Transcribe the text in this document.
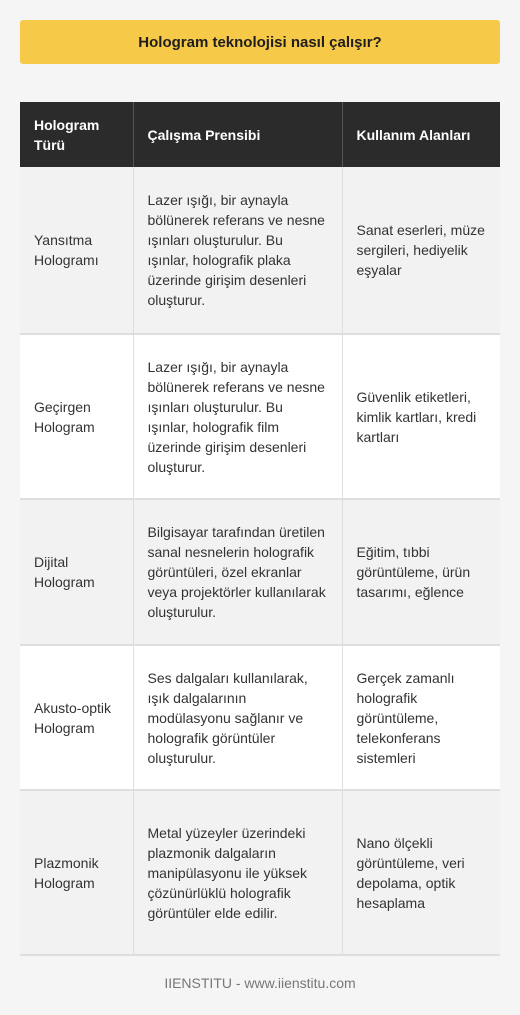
Hologram teknolojisi nasıl çalışır?
Hologram Türü	Çalışma Prensibi	Kullanım Alanları
Yansıtma Hologramı	Lazer ışığı, bir aynayla bölünerek referans ve nesne ışınları oluşturulur. Bu ışınlar, holografik plaka üzerinde girişim desenleri oluşturur.	Sanat eserleri, müze sergileri, hediyelik eşyalar
Geçirgen Hologram	Lazer ışığı, bir aynayla bölünerek referans ve nesne ışınları oluşturulur. Bu ışınlar, holografik film üzerinde girişim desenleri oluşturur.	Güvenlik etiketleri, kimlik kartları, kredi kartları
Dijital Hologram	Bilgisayar tarafından üretilen sanal nesnelerin holografik görüntüleri, özel ekranlar veya projektörler kullanılarak oluşturulur.	Eğitim, tıbbi görüntüleme, ürün tasarımı, eğlence
Akusto-optik Hologram	Ses dalgaları kullanılarak, ışık dalgalarının modülasyonu sağlanır ve holografik görüntüler oluşturulur.	Gerçek zamanlı holografik görüntüleme, telekonferans sistemleri
Plazmonik Hologram	Metal yüzeyler üzerindeki plazmonik dalgaların manipülasyonu ile yüksek çözünürlüklü holografik görüntüler elde edilir.	Nano ölçekli görüntüleme, veri depolama, optik hesaplama
IIENSTITU - www.iienstitu.com
